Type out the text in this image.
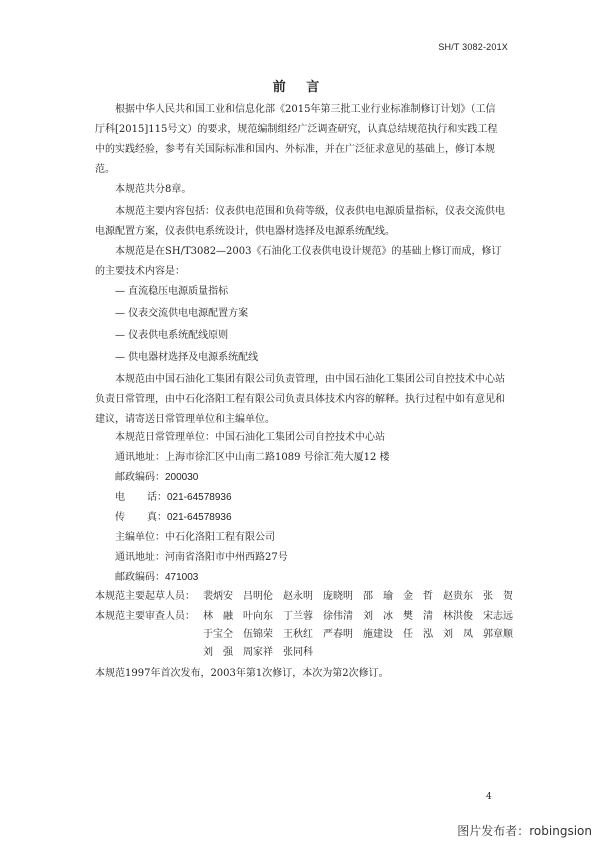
SH/T 3082-201X
前 言

根据中华人民共和国工业和信息化部《2015年第三批工业行业标准制修订计划》（工信厅科[2015]115号文）的要求，规范编制组经广泛调查研究，认真总结规范执行和实践工程中的实践经验，参考有关国际标准和国内、外标准，并在广泛征求意见的基础上，修订本规范。

本规范共分8章。

本规范主要内容包括：仪表供电范围和负荷等级，仪表供电电源质量指标，仪表交流供电电源配置方案，仪表供电系统设计，供电器材选择及电源系统配线。

本规范是在SH/T3082—2003《石油化工仪表供电设计规范》的基础上修订而成，修订的主要技术内容是：

— 直流稳压电源质量指标

— 仪表交流供电电源配置方案

— 仪表供电系统配线原则

— 供电器材选择及电源系统配线

本规范由中国石油化工集团有限公司负责管理，由中国石油化工集团公司自控技术中心站负责日常管理，由中石化洛阳工程有限公司负责具体技术内容的解释。执行过程中如有意见和建议，请寄送日常管理单位和主编单位。

本规范日常管理单位：中国石油化工集团公司自控技术中心站

通讯地址：上海市徐汇区中山南二路1089 号徐汇苑大厦12 楼

邮政编码：200030

电 话：021-64578936

传 真：021-64578936

主编单位：中石化洛阳工程有限公司

通讯地址：河南省洛阳市中州西路27号

邮政编码：471003

本规范主要起草人员： 裴炳安　吕明伦　赵永明　庞晓明　邵　瑜　金　哲　赵贵东　张　贺
本规范主要审查人员： 林　融　叶向东　丁兰蓉　徐伟清　刘　冰　樊　清　林洪俊　宋志远
于宝仝　伍锦荣　王秋红　严春明　施建设　任　泓　刘　凤　郭章顺
刘　强　周家祥　张同科

本规范1997年首次发布，2003年第1次修订，本次为第2次修订。

4
图片发布者：robingsion
